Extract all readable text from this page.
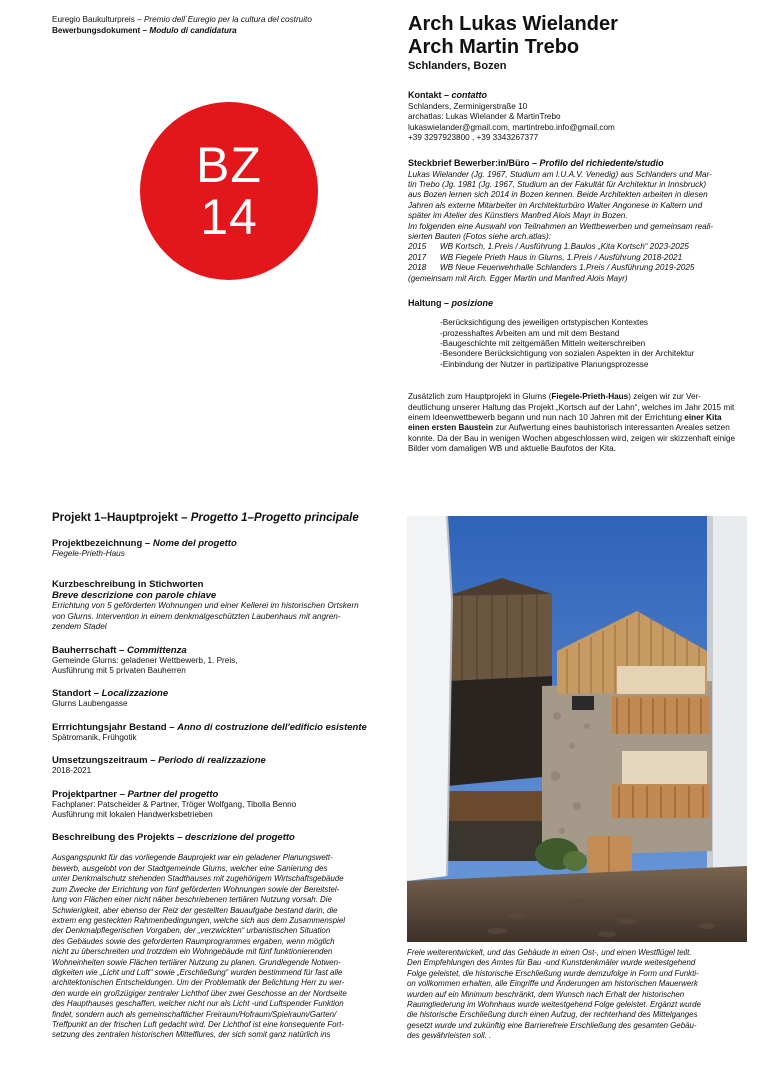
Euregio Baukulturpreis – Premio dell`Euregio per la cultura del costruito
Bewerbungsdokument – Modulo di candidatura
BZ
14
Arch Lukas Wielander
Arch Martin Trebo
Schlanders, Bozen
Kontakt – contatto
Schlanders, Zerminigerstraße 10
archatlas: Lukas Wielander & MartinTrebo
lukaswielander@gmail.com, martintrebo.info@gmail.com
+39 3297923800 , +39 3343267377
Steckbrief Bewerber:in/Büro – Profilo del richiedente/studio
Lukas Wielander (Jg. 1967, Studium am I.U.A.V. Venedig) aus Schlanders und Mar-
tin Trebo (Jg. 1981 (Jg. 1967, Studium an der Fakultät für Architektur in Innsbruck)
aus Bozen lernen sich 2014 in Bozen kennen. Beide Architekten arbeiten in diesen
Jahren als externe Mitarbeiter im Architekturbüro Walter Angonese in Kaltern und
später im Atelier des Künstlers Manfred Alois Mayr in Bozen.
Im folgenden eine Auswahl von Teilnahmen an Wettbewerben und gemeinsam reali-
sierten Bauten (Fotos siehe arch.atlas):
2015      WB Kortsch, 1.Preis / Ausführung 1.Baulos „Kita Kortsch“ 2023-2025
2017      WB Fiegele Prieth Haus in Glurns, 1.Preis / Ausführung 2018-2021
2018      WB Neue Feuerwehrhalle Schlanders 1.Preis / Ausführung 2019-2025
(gemeinsam mit Arch. Egger Martin und Manfred Alois Mayr)
Haltung – posizione
-Berücksichtigung des jeweiligen ortstypischen Kontextes
-prozesshaftes Arbeiten am und mit dem Bestand
-Baugeschichte mit zeitgemäßen Mitteln weiterschreiben
-Besondere Berücksichtigung von sozialen Aspekten in der Architektur
-Einbindung der Nutzer in partizipative Planungsprozesse
Zusätzlich zum Hauptprojekt in Glurns (Fiegele-Prieth-Haus) zeigen wir zur Ver-deutlichung unserer Haltung das Projekt „Kortsch auf der Lahn“, welches im Jahr 2015 mit einem Ideenwettbewerb begann und nun nach 10 Jahren mit der Errichtung einer Kita einen ersten Baustein zur Aufwertung eines bauhistorisch interessanten Areales setzen konnte. Da der Bau in wenigen Wochen abgeschlossen wird, zeigen wir skizzenhaft einige Bilder vom damaligen WB und aktuelle Baufotos der Kita.
Projekt 1–Hauptprojekt – Progetto 1–Progetto principale
Projektbezeichnung – Nome del progetto
Fiegele-Prieth-Haus
Kurzbeschreibung in Stichworten
Breve descrizione con parole chiave
Errichtung von 5 geförderten Wohnungen und einer Kellerei im historischen Ortskern
von Glurns. Intervention in einem denkmalgeschützten Laubenhaus mit angren-
zendem Stadel
Bauherrschaft – Committenza
Gemeinde Glurns: geladener Wettbewerb, 1. Preis,
Ausführung mit 5 privaten Bauherren
Standort – Localizzazione
Glurns Laubengasse
Errrichtungsjahr Bestand – Anno di costruzione dell'edificio esistente
Spätromanik, Frühgotik
Umsetzungszeitraum – Periodo di realizzazione
2018-2021
Projektpartner – Partner del progetto
Fachplaner: Patscheider & Partner, Tröger Wolfgang, Tibolla Benno
Ausführung mit lokalen Handwerksbetrieben
Beschreibung des Projekts – descrizione del progetto
Ausgangspunkt für das vorliegende Bauprojekt war ein geladener Planungswett-
bewerb, ausgelobt von der Stadtgemeinde Glurns, welcher eine Sanierung des
unter Denkmalschutz stehenden Stadthauses mit zugehörigem Wirtschaftsgebäude
zum Zwecke der Errichtung von fünf geförderten Wohnungen sowie der Bereitstel-
lung von Flächen einer nicht näher beschriebenen tertiären Nutzung vorsah. Die
Schwierigkeit, aber ebenso der Reiz der gestellten Bauaufgabe bestand darin, die
extrem eng gesteckten Rahmenbedingungen, welche sich aus dem Zusammenspiel
der Denkmalpflegerischen Vorgaben, der „verzwickten“ urbanistischen Situation
des Gebäudes sowie des geforderten Raumprogrammes ergaben, wenn möglich
nicht zu überschreiten und trotzdem ein Wohngebäude mit fünf funktionierenden
Wohneinheiten sowie Flächen tertiärer Nutzung zu planen. Grundlegende Notwen-
digkeiten wie „Licht und Luft“ sowie „Erschließung“ wurden bestimmend für fast alle
architektonischen Entscheidungen. Um der Problematik der Belichtung Herr zu wer-
den wurde ein großzügiger zentraler Lichthof über zwei Geschosse an der Nordseite
des Haupthauses geschaffen, welcher nicht nur als Licht -und Luftspender Funktion
findet, sondern auch als gemeinschaftlicher Freiraum/Hofraum/Spielraum/Garten/
Treffpunkt an der frischen Luft gedacht wird. Der Lichthof ist eine konsequente Fort-
setzung des zentralen historischen Mittelflures, der sich somit ganz natürlich ins
Freie weiterentwickelt, und das Gebäude in einen Ost-, und einen Westflügel teilt.
Den Empfehlungen des Amtes für Bau -und Kunstdenkmäler wurde weitestgehend
Folge geleistet, die historische Erschließung wurde demzufolge in Form und Funkti-
on vollkommen erhalten, alle Eingriffe und Änderungen am historischen Mauerwerk
wurden auf ein Minimum beschränkt, dem Wunsch nach Erhalt der historischen
Raumgliederung im Wohnhaus wurde weitestgehend Folge geleistet. Ergänzt wurde
die historische Erschließung durch einen Aufzug, der rechterhand des Mittelganges
gesetzt wurde und zukünftig eine Barrierefreie Erschließung des gesamten Gebäu-
des gewährleisten soll. .
